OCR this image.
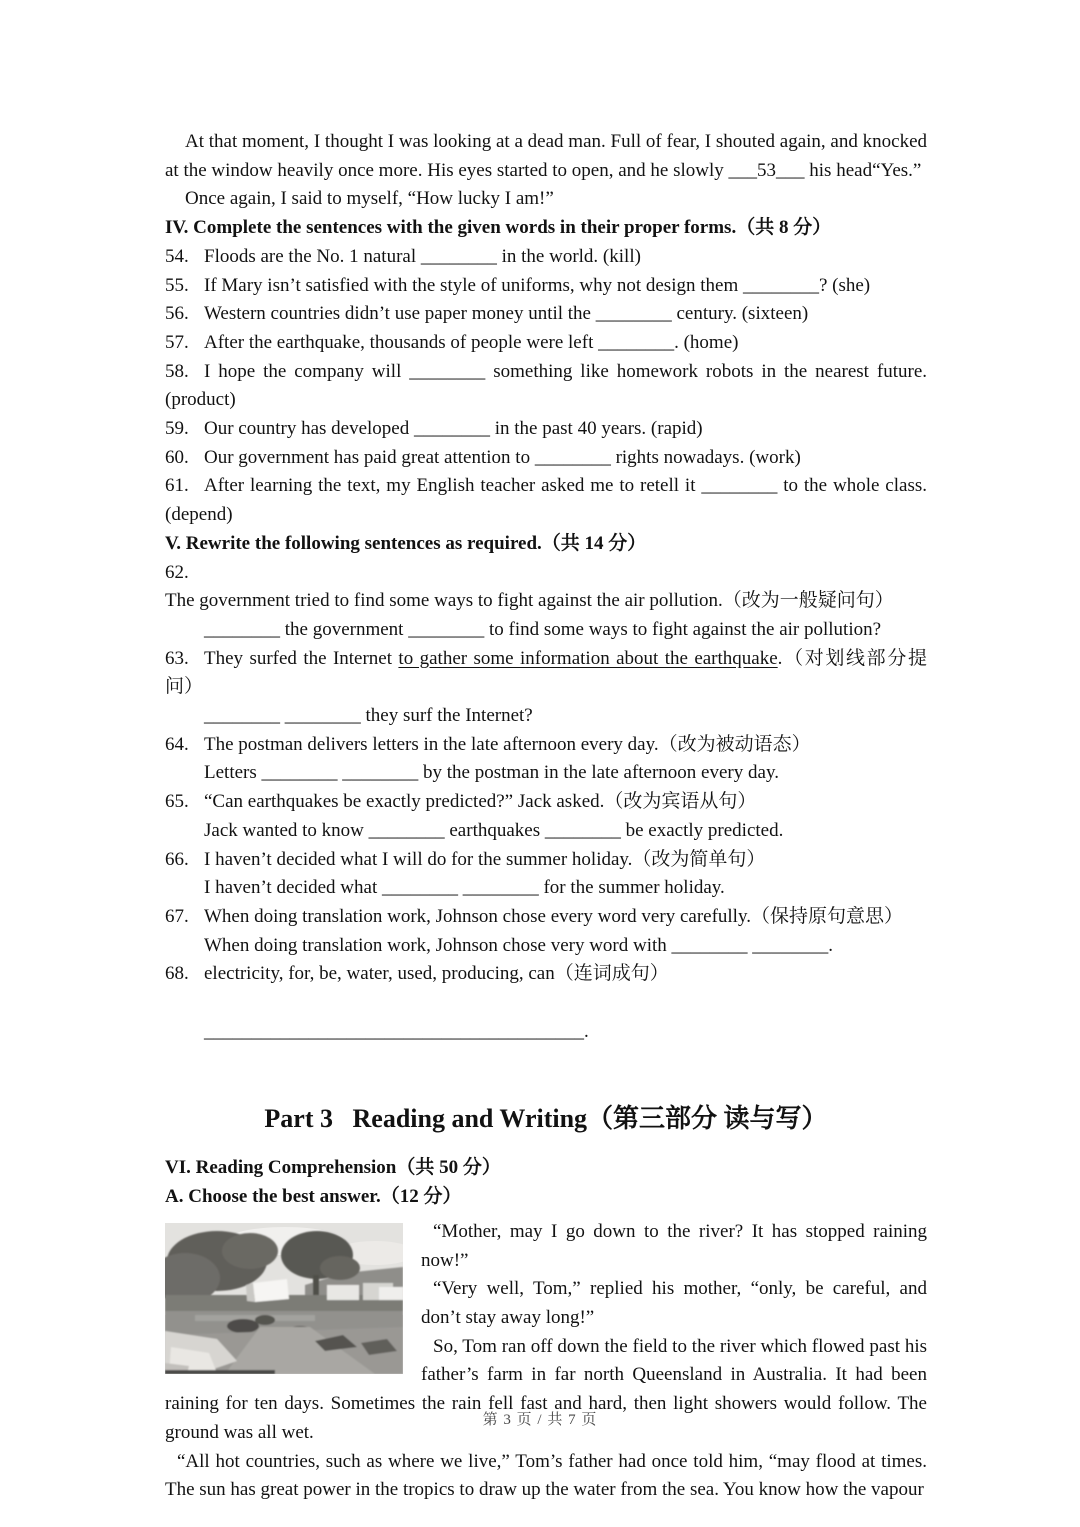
At that moment, I thought I was looking at a dead man. Full of fear, I shouted again, and knocked at the window heavily once more. His eyes started to open, and he slowly ___53___ his head“Yes.”

Once again, I said to myself, “How lucky I am!”

IV. Complete the sentences with the given words in their proper forms.（共 8 分）

54. Floods are the No. 1 natural ________ in the world. (kill)

55. If Mary isn’t satisfied with the style of uniforms, why not design them ________? (she)

56. Western countries didn’t use paper money until the ________ century. (sixteen)

57. After the earthquake, thousands of people were left ________. (home)

58. I hope the company will ________ something like homework robots in the nearest future. (product)

59. Our country has developed ________ in the past 40 years. (rapid)

60. Our government has paid great attention to ________ rights nowadays. (work)

61. After learning the text, my English teacher asked me to retell it ________ to the whole class. (depend)

V. Rewrite the following sentences as required.（共 14 分）

62.The government tried to find some ways to fight against the air pollution.（改为一般疑问句）

________ the government ________ to find some ways to fight against the air pollution?

63. They surfed the Internet to gather some information about the earthquake.（对划线部分提问）

________ ________ they surf the Internet?

64. The postman delivers letters in the late afternoon every day.（改为被动语态）

Letters ________ ________ by the postman in the late afternoon every day.

65. “Can earthquakes be exactly predicted?” Jack asked.（改为宾语从句）

Jack wanted to know ________ earthquakes ________ be exactly predicted.

66. I haven’t decided what I will do for the summer holiday.（改为简单句）

I haven’t decided what ________ ________ for the summer holiday.

67. When doing translation work, Johnson chose every word very carefully.（保持原句意思）

When doing translation work, Johnson chose very word with ________ ________.

68. electricity, for, be, water, used, producing, can（连词成句）

________________________________________.

Part 3   Reading and Writing（第三部分 读与写）

VI. Reading Comprehension（共 50 分）

A. Choose the best answer.（12 分）

“Mother, may I go down to the river? It has stopped raining now!”

“Very well, Tom,” replied his mother, “only, be careful, and don’t stay away long!”

So, Tom ran off down the field to the river which flowed past his father’s farm in far north Queensland in Australia. It had been raining for ten days. Sometimes the rain fell fast and hard, then light showers would follow. The ground was all wet.

“All hot countries, such as where we live,” Tom’s father had once told him, “may flood at times. The sun has great power in the tropics to draw up the water from the sea. You know how the vapour

第 3 页 / 共 7 页
